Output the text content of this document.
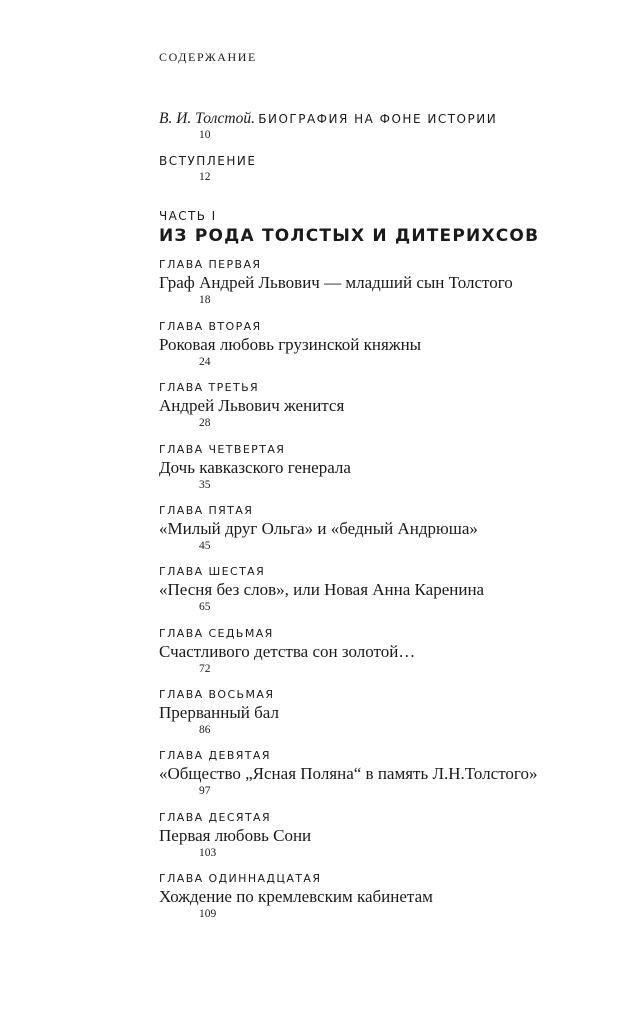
СОДЕРЖАНИЕ
В. И. Толстой. БИОГРАФИЯ НА ФОНЕ ИСТОРИИ
10
ВСТУПЛЕНИЕ
12
ЧАСТЬ I
ИЗ РОДА ТОЛСТЫХ И ДИТЕРИХСОВ
ГЛАВА ПЕРВАЯ
Граф Андрей Львович — младший сын Толстого
18
ГЛАВА ВТОРАЯ
Роковая любовь грузинской княжны
24
ГЛАВА ТРЕТЬЯ
Андрей Львович женится
28
ГЛАВА ЧЕТВЕРТАЯ
Дочь кавказского генерала
35
ГЛАВА ПЯТАЯ
«Милый друг Ольга» и «бедный Андрюша»
45
ГЛАВА ШЕСТАЯ
«Песня без слов», или Новая Анна Каренина
65
ГЛАВА СЕДЬМАЯ
Счастливого детства сон золотой…
72
ГЛАВА ВОСЬМАЯ
Прерванный бал
86
ГЛАВА ДЕВЯТАЯ
«Общество „Ясная Поляна“ в память Л.Н.Толстого»
97
ГЛАВА ДЕСЯТАЯ
Первая любовь Сони
103
ГЛАВА ОДИННАДЦАТАЯ
Хождение по кремлевским кабинетам
109
